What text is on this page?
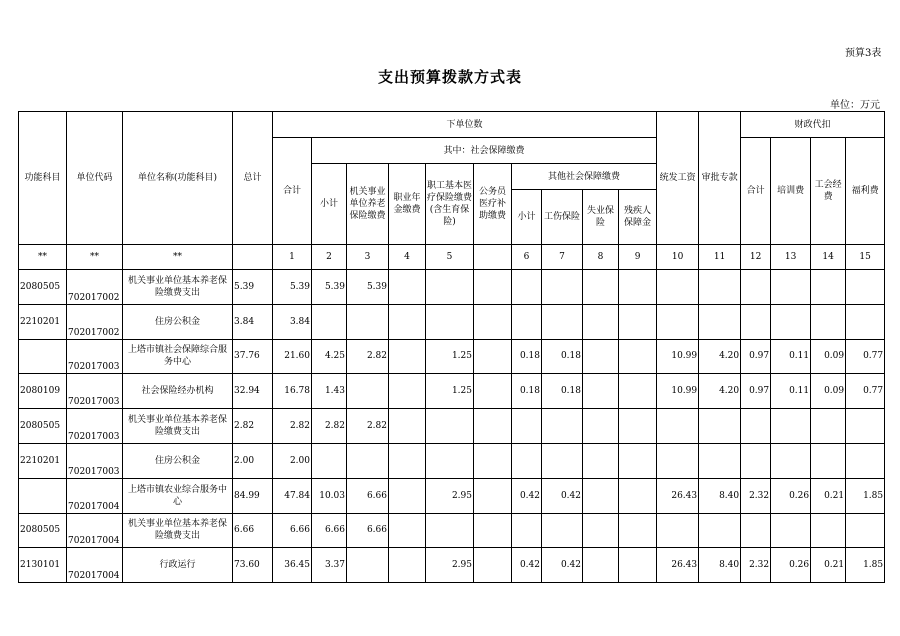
预算3表
支出预算拨款方式表
单位：万元
功能科目	单位代码	单位名称(功能科目)	总计	下单位数										统发工资	审批专款	财政代扣			
				合计	其中：社会保障缴费											合计	培训费	工会经费	福利费
					小计	机关事业单位养老保险缴费	职业年金缴费	职工基本医疗保险缴费(含生育保险)	公务员医疗补助缴费	其他社会保障缴费									
										小计	工伤保险	失业保险	残疾人保障金						
**	**	**		1	2	3	4	5		6	7	8	9	10	11	12	13	14	15
2080505	702017002	机关事业单位基本养老保险缴费支出	5.39	5.39	5.39	5.39													
2210201	702017002	住房公积金	3.84	3.84															
	702017003	上塔市镇社会保障综合服务中心	37.76	21.60	4.25	2.82		1.25		0.18	0.18			10.99	4.20	0.97	0.11	0.09	0.77
2080109	702017003	社会保险经办机构	32.94	16.78	1.43			1.25		0.18	0.18			10.99	4.20	0.97	0.11	0.09	0.77
2080505	702017003	机关事业单位基本养老保险缴费支出	2.82	2.82	2.82	2.82													
2210201	702017003	住房公积金	2.00	2.00															
	702017004	上塔市镇农业综合服务中心	84.99	47.84	10.03	6.66		2.95		0.42	0.42			26.43	8.40	2.32	0.26	0.21	1.85
2080505	702017004	机关事业单位基本养老保险缴费支出	6.66	6.66	6.66	6.66													
2130101	702017004	行政运行	73.60	36.45	3.37			2.95		0.42	0.42			26.43	8.40	2.32	0.26	0.21	1.85
